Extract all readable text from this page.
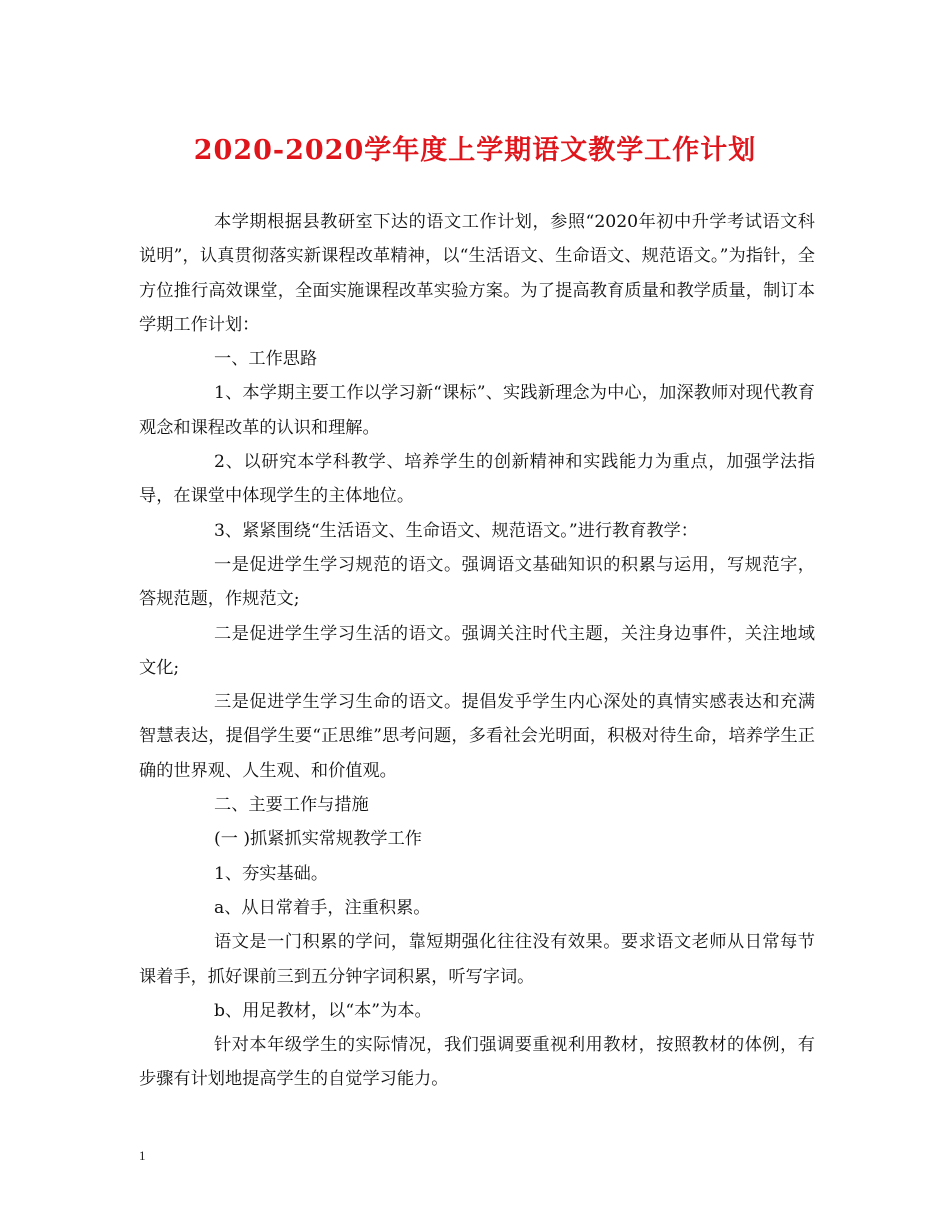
2020-2020学年度上学期语文教学工作计划

本学期根据县教研室下达的语文工作计划，参照“2020年初中升学考试语文科说明”，认真贯彻落实新课程改革精神，以“生活语文、生命语文、规范语文。”为指针，全方位推行高效课堂，全面实施课程改革实验方案。为了提高教育质量和教学质量，制订本学期工作计划：

一、工作思路

1、本学期主要工作以学习新“课标”、实践新理念为中心，加深教师对现代教育观念和课程改革的认识和理解。

2、以研究本学科教学、培养学生的创新精神和实践能力为重点，加强学法指导，在课堂中体现学生的主体地位。

3、紧紧围绕“生活语文、生命语文、规范语文。”进行教育教学：

一是促进学生学习规范的语文。强调语文基础知识的积累与运用，写规范字，答规范题，作规范文;

二是促进学生学习生活的语文。强调关注时代主题，关注身边事件，关注地域文化;

三是促进学生学习生命的语文。提倡发乎学生内心深处的真情实感表达和充满智慧表达，提倡学生要“正思维”思考问题，多看社会光明面，积极对待生命，培养学生正确的世界观、人生观、和价值观。

二、主要工作与措施

(一 )抓紧抓实常规教学工作

1、夯实基础。

a、从日常着手，注重积累。

语文是一门积累的学问，靠短期强化往往没有效果。要求语文老师从日常每节课着手，抓好课前三到五分钟字词积累，听写字词。

b、用足教材，以“本”为本。

针对本年级学生的实际情况，我们强调要重视利用教材，按照教材的体例，有步骤有计划地提高学生的自觉学习能力。

1
